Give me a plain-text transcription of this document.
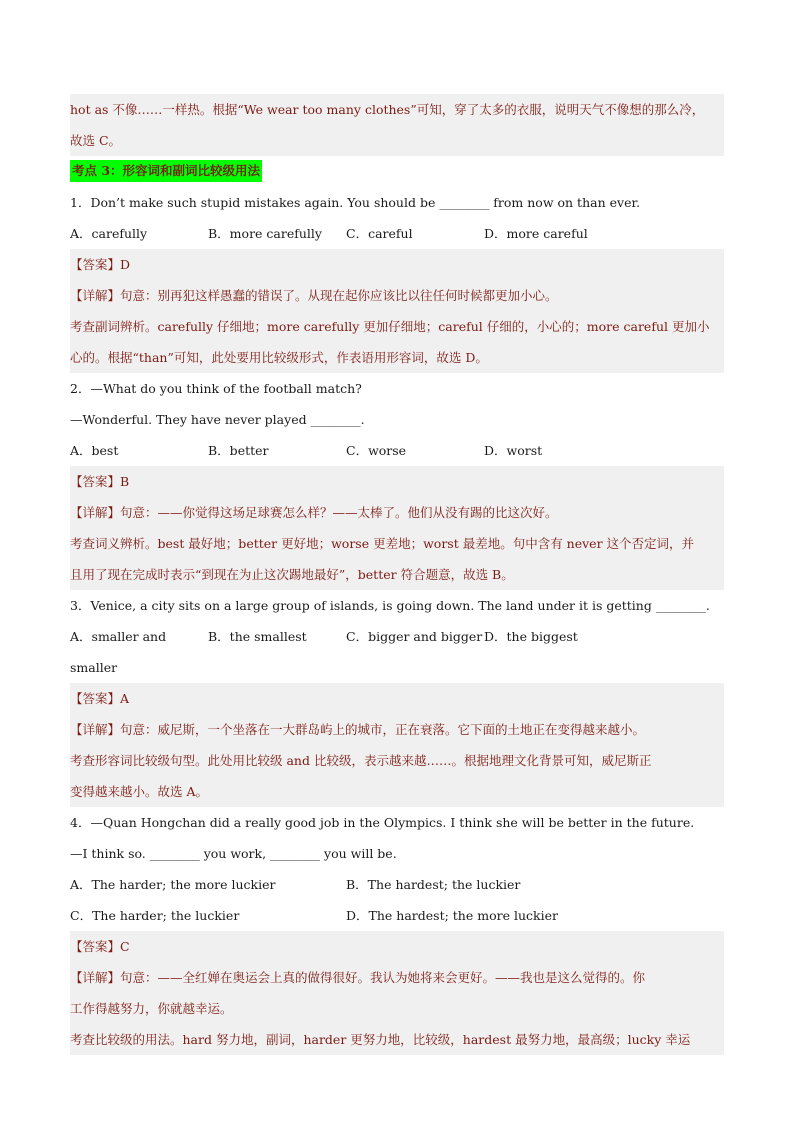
hot as 不像……一样热。根据“We wear too many clothes”可知，穿了太多的衣服，说明天气不像想的那么冷，
故选 C。
考点 3：形容词和副词比较级用法
1．Don’t make such stupid mistakes again. You should be ________ from now on than ever.
A．carefully	B．more carefully	C．careful	D．more careful
【答案】D
【详解】句意：别再犯这样愚蠢的错误了。从现在起你应该比以往任何时候都更加小心。
考查副词辨析。carefully 仔细地；more carefully 更加仔细地；careful 仔细的，小心的；more careful 更加小
心的。根据“than”可知，此处要用比较级形式，作表语用形容词，故选 D。
2．—What do you think of the football match?
—Wonderful. They have never played ________.
A．best	B．better	C．worse	D．worst
【答案】B
【详解】句意：——你觉得这场足球赛怎么样？——太棒了。他们从没有踢的比这次好。
考查词义辨析。best 最好地；better 更好地；worse 更差地；worst 最差地。句中含有 never 这个否定词，并
且用了现在完成时表示“到现在为止这次踢地最好”，better 符合题意，故选 B。
3．Venice, a city sits on a large group of islands, is going down. The land under it is getting ________.
A．smaller and smaller
B．the smallest	C．bigger and bigger D．the biggest
【答案】A
【详解】句意：威尼斯，一个坐落在一大群岛屿上的城市，正在衰落。它下面的土地正在变得越来越小。
考查形容词比较级句型。此处用比较级 and 比较级，表示越来越……。根据地理文化背景可知，威尼斯正
变得越来越小。故选 A。
4．—Quan Hongchan did a really good job in the Olympics. I think she will be better in the future.
—I think so. ________ you work, ________ you will be.
A．The harder; the more luckier	B．The hardest; the luckier
C．The harder; the luckier	D．The hardest; the more luckier
【答案】C
【详解】句意：——全红婵在奥运会上真的做得很好。我认为她将来会更好。——我也是这么觉得的。你
工作得越努力，你就越幸运。
考查比较级的用法。hard 努力地，副词，harder 更努力地，比较级，hardest 最努力地，最高级；lucky 幸运
